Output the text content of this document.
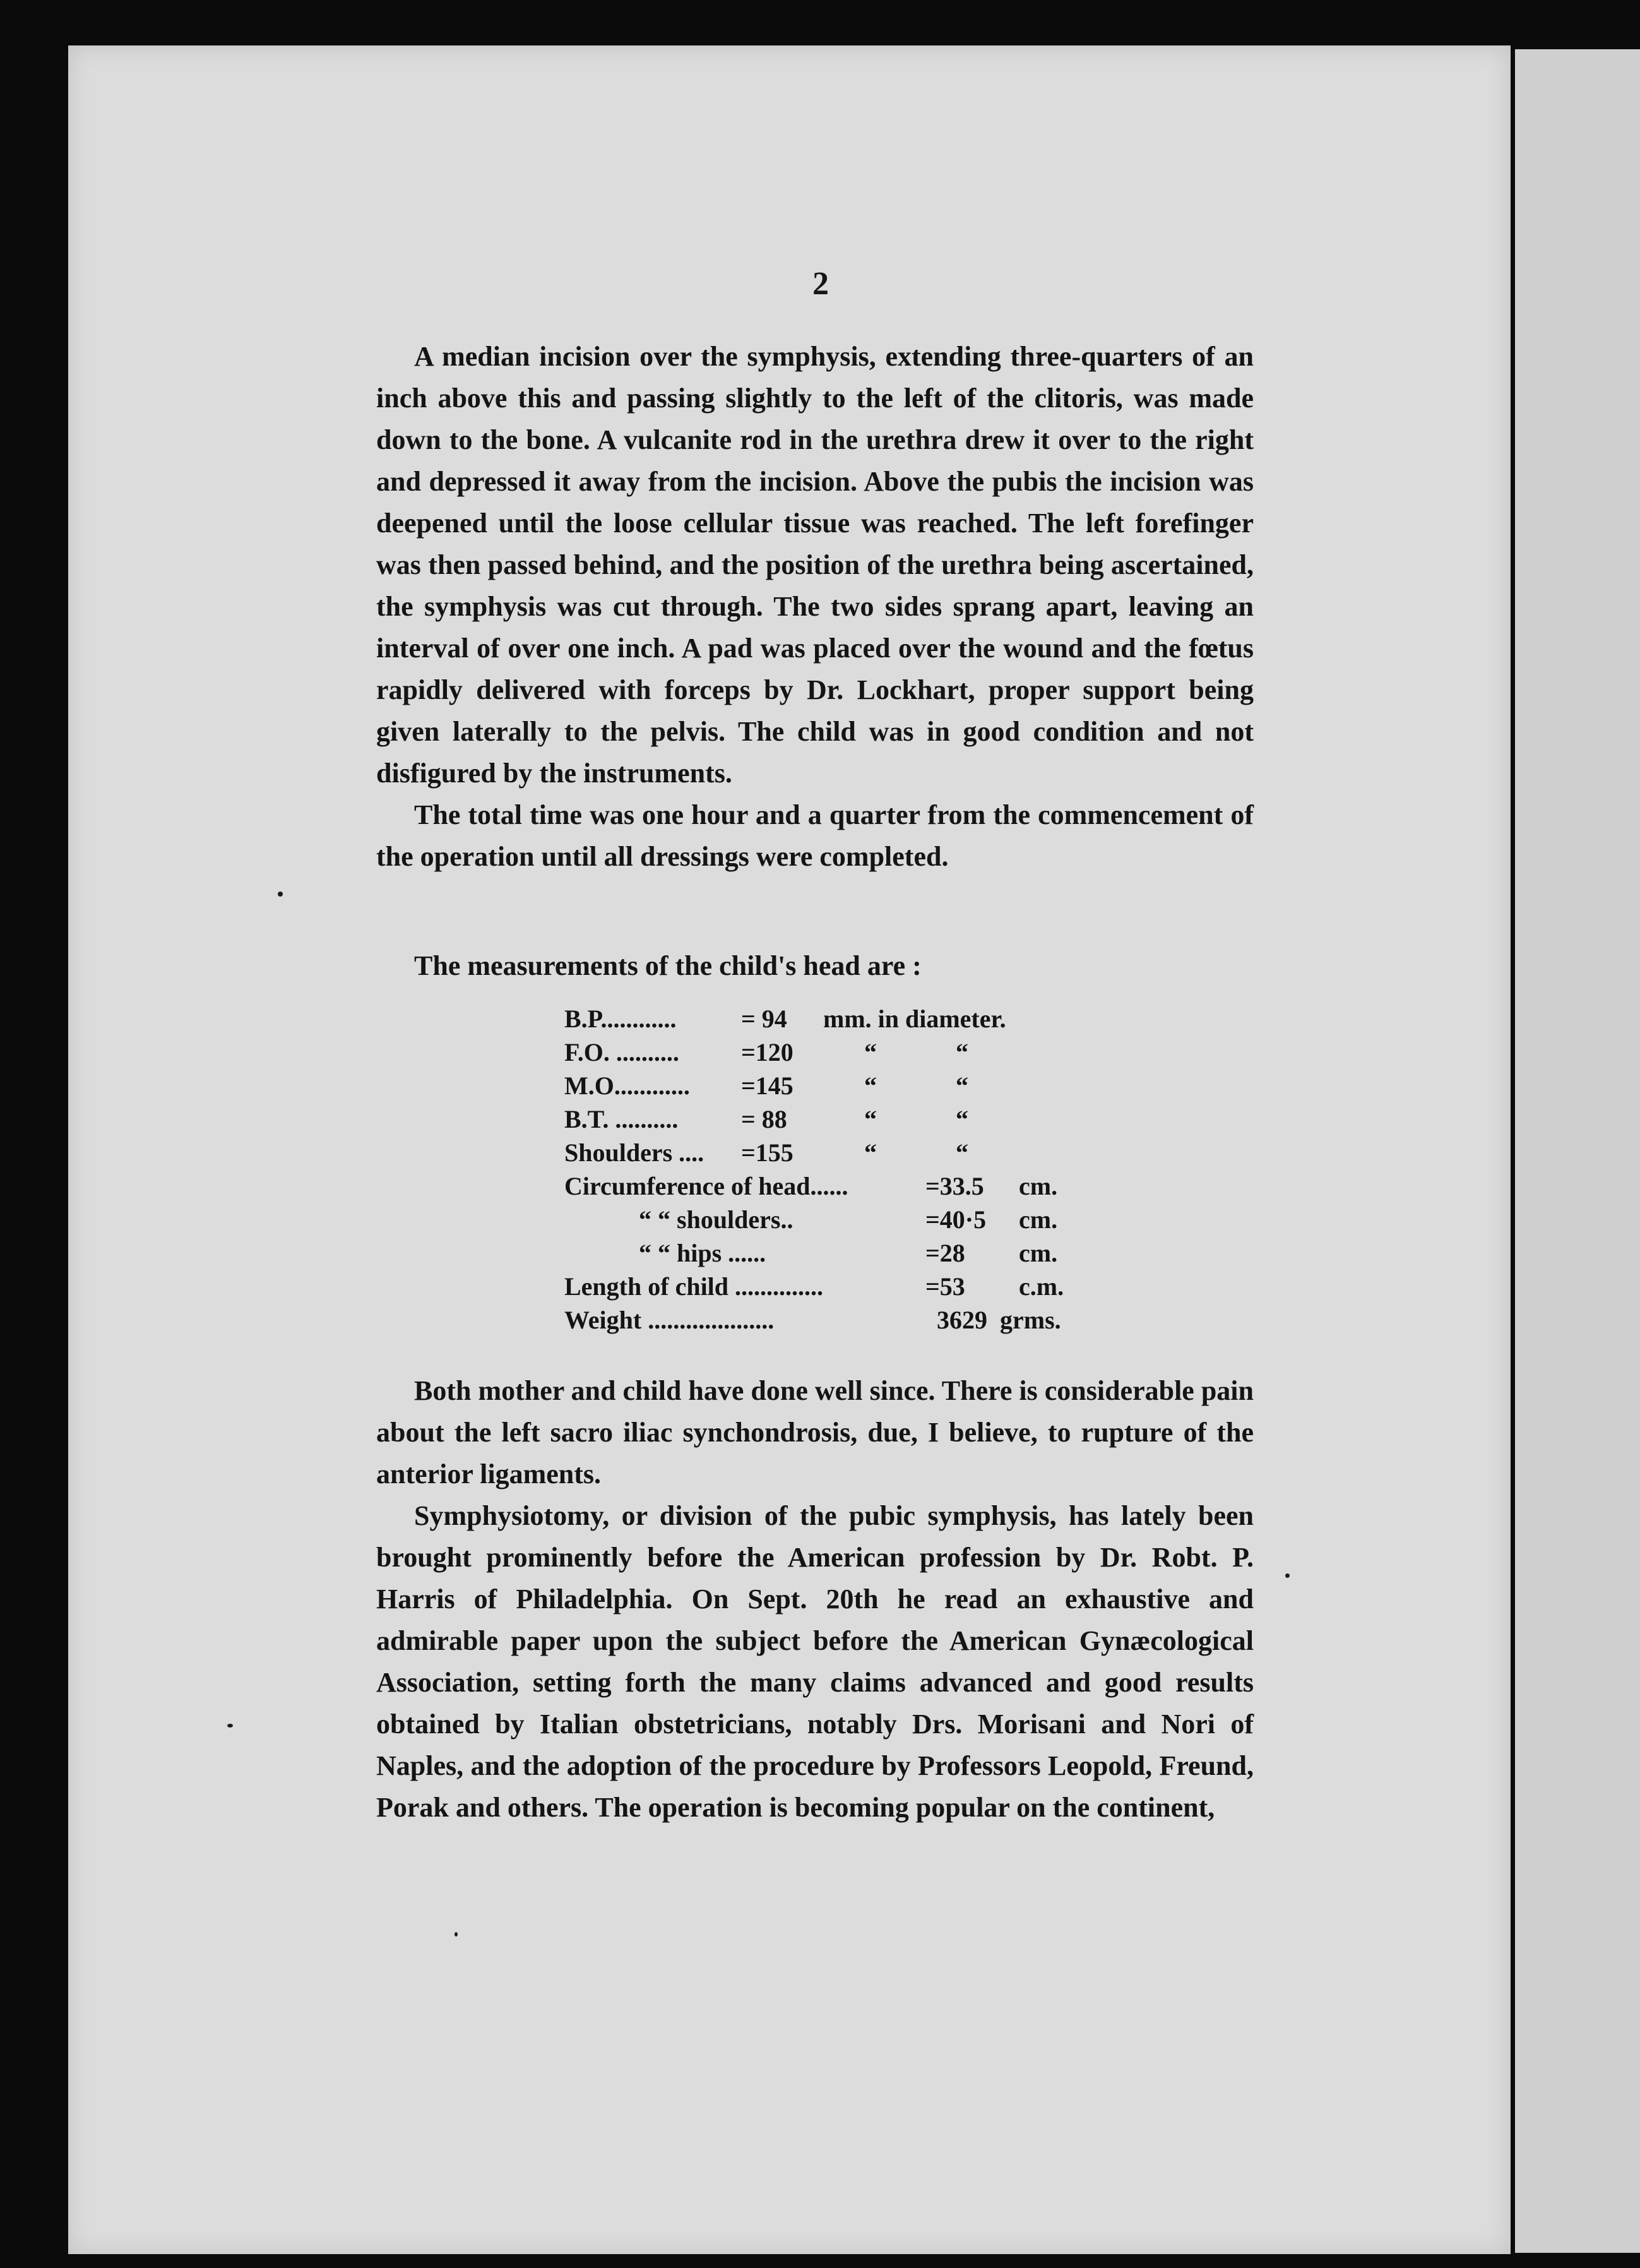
2

A median incision over the symphysis, extending three-quarters of an inch above this and passing slightly to the left of the clitoris, was made down to the bone. A vulcanite rod in the urethra drew it over to the right and depressed it away from the incision. Above the pubis the incision was deepened until the loose cellular tissue was reached. The left forefinger was then passed behind, and the position of the urethra being ascertained, the symphysis was cut through. The two sides sprang apart, leaving an interval of over one inch. A pad was placed over the wound and the fœtus rapidly delivered with forceps by Dr. Lockhart, proper support being given laterally to the pelvis. The child was in good condition and not disfigured by the instruments.

The total time was one hour and a quarter from the commencement of the operation until all dressings were completed.

The measurements of the child's head are :

B.P............	= 94 mm. in diameter.
F.O. .......... =120	“	“
M.O............ =145	“	“
B.T. .......... = 88	“	“
Shoulders .... =155	“	“
Circumference of head......	=33.5 cm.
“ “ shoulders..	=40·5 cm.
“ “ hips ......	=28 cm.
Length of child ..............	=53 c.m.
Weight ....................	3629 grms.

Both mother and child have done well since. There is considerable pain about the left sacro iliac synchondrosis, due, I believe, to rupture of the anterior ligaments.

Symphysiotomy, or division of the pubic symphysis, has lately been brought prominently before the American profession by Dr. Robt. P. Harris of Philadelphia. On Sept. 20th he read an exhaustive and admirable paper upon the subject before the American Gynæcological Association, setting forth the many claims advanced and good results obtained by Italian obstetricians, notably Drs. Morisani and Nori of Naples, and the adoption of the procedure by Professors Leopold, Freund, Porak and others. The operation is becoming popular on the continent,
